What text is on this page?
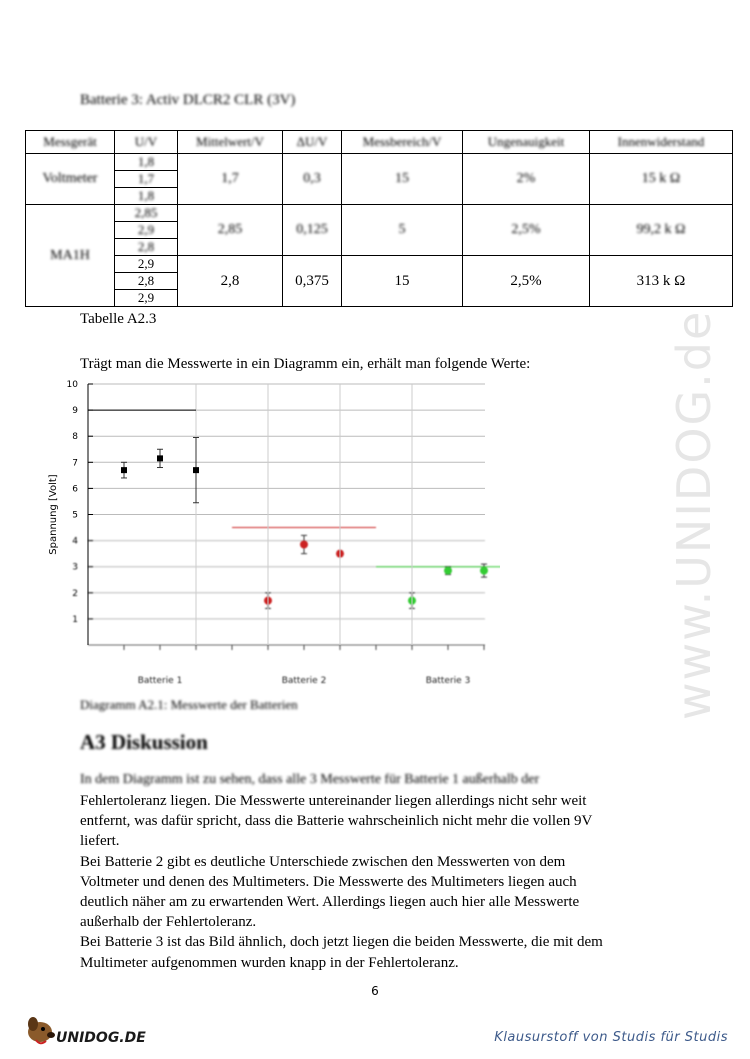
Batterie 3: Activ DLCR2 CLR (3V)
Messgerät	U/V	Mittelwert/V	ΔU/V	Messbereich/V	Ungenauigkeit	Innenwiderstand
Voltmeter	1,8	1,7	0,3	15	2%	15 k Ω
	1,7					
	1,8					
MA1H	2,85	2,85	0,125	5	2,5%	99,2 k Ω
	2,9					
	2,8					
	2,9	2,8	0,375	15	2,5%	313 k Ω
	2,8					
	2,9					
Tabelle A2.3
Trägt man die Messwerte in ein Diagramm ein, erhält man folgende Werte:
1
2
3
4
Batterie 1	Batterie 2	Batterie 3
5
6
7
8
9
10
Spannung [Volt]
Diagramm A2.1: Messwerte der Batterien
A3 Diskussion
In dem Diagramm ist zu sehen, dass alle 3 Messwerte für Batterie 1 außerhalb der

Fehlertoleranz liegen. Die Messwerte untereinander liegen allerdings nicht sehr weit

entfernt, was dafür spricht, dass die Batterie wahrscheinlich nicht mehr die vollen 9V

liefert.

Bei Batterie 2 gibt es deutliche Unterschiede zwischen den Messwerten von dem

Voltmeter und denen des Multimeters. Die Messwerte des Multimeters liegen auch

deutlich näher am zu erwartenden Wert. Allerdings liegen auch hier alle Messwerte

außerhalb der Fehlertoleranz.

Bei Batterie 3 ist das Bild ähnlich, doch jetzt liegen die beiden Messwerte, die mit dem

Multimeter aufgenommen wurden knapp in der Fehlertoleranz.

6
www.UNIDOG.de
UNIDOG.DE	Klausurstoff von Studis für Studis
